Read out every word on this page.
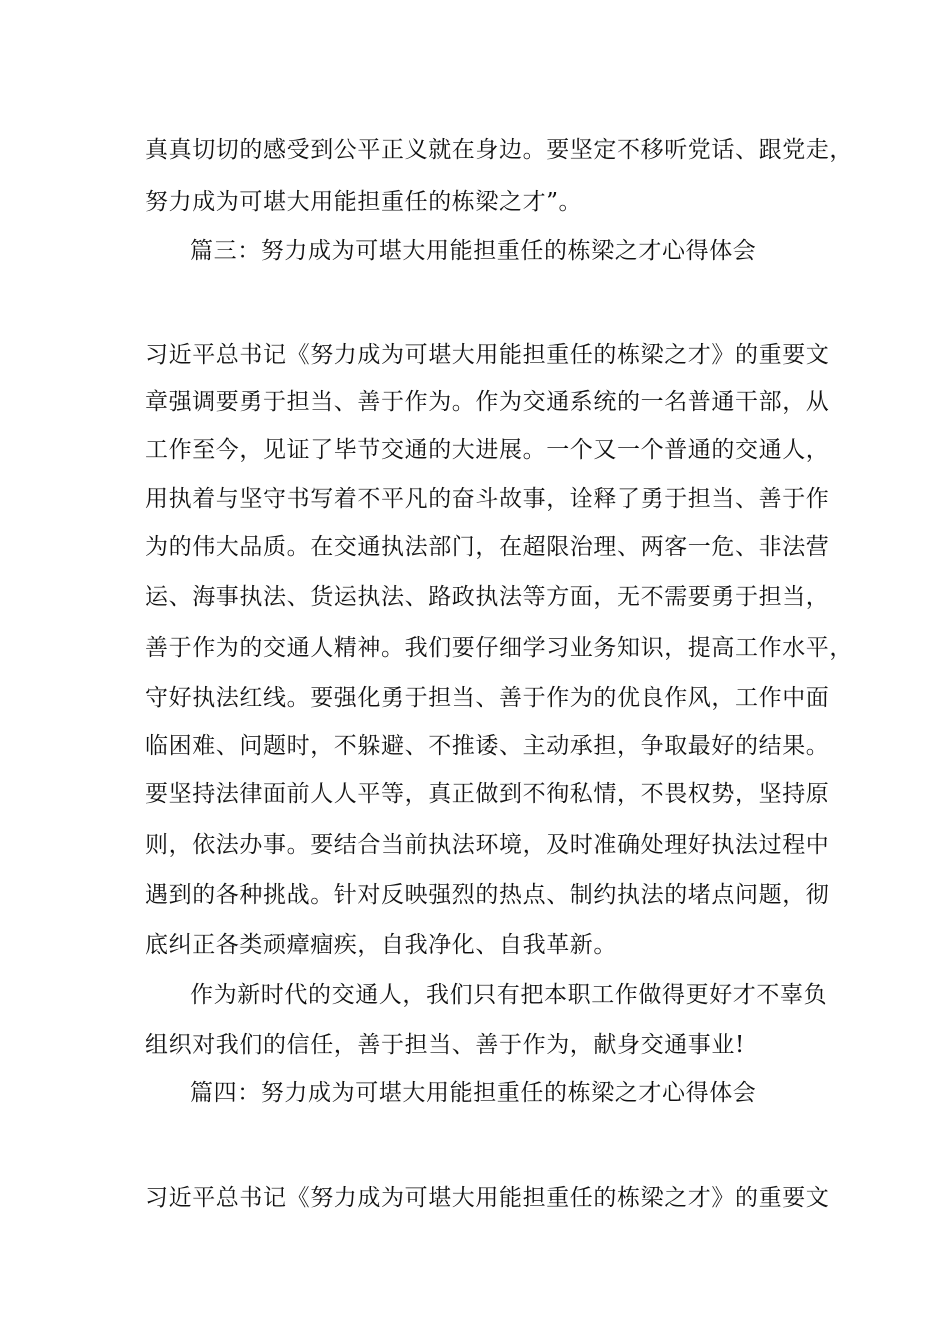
真真切切的感受到公平正义就在身边。要坚定不移听党话、跟党走，
努力成为可堪大用能担重任的栋梁之才”。
篇三：努力成为可堪大用能担重任的栋梁之才心得体会
习近平总书记《努力成为可堪大用能担重任的栋梁之才》的重要文
章强调要勇于担当、善于作为。作为交通系统的一名普通干部，从
工作至今，见证了毕节交通的大进展。一个又一个普通的交通人，
用执着与坚守书写着不平凡的奋斗故事，诠释了勇于担当、善于作
为的伟大品质。在交通执法部门，在超限治理、两客一危、非法营
运、海事执法、货运执法、路政执法等方面，无不需要勇于担当，
善于作为的交通人精神。我们要仔细学习业务知识，提高工作水平，
守好执法红线。要强化勇于担当、善于作为的优良作风，工作中面
临困难、问题时，不躲避、不推诿、主动承担，争取最好的结果。
要坚持法律面前人人平等，真正做到不徇私情，不畏权势，坚持原
则，依法办事。要结合当前执法环境，及时准确处理好执法过程中
遇到的各种挑战。针对反映强烈的热点、制约执法的堵点问题，彻
底纠正各类顽瘴痼疾，自我净化、自我革新。
作为新时代的交通人，我们只有把本职工作做得更好才不辜负
组织对我们的信任，善于担当、善于作为，献身交通事业!
篇四：努力成为可堪大用能担重任的栋梁之才心得体会
习近平总书记《努力成为可堪大用能担重任的栋梁之才》的重要文
